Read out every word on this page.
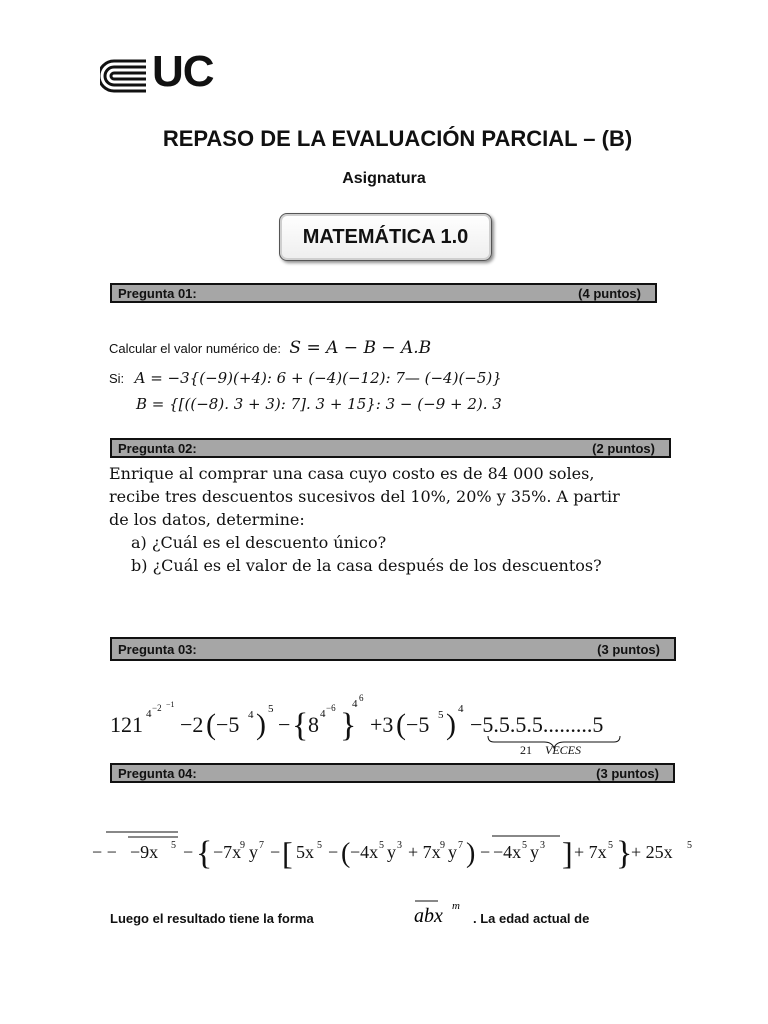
UC
REPASO DE LA EVALUACIÓN PARCIAL – (B)
Asignatura
MATEMÁTICA 1.0
Pregunta 01:	(4 puntos)
Calcular el valor numérico de: S = A − B − A.B
Si: A = −3{(−9)(+4): 6 + (−4)(−12): 7— (−4)(−5)}
B = {[((−8). 3 + 3): 7]. 3 + 15}: 3 − (−9 + 2). 3
Pregunta 02:	(2 puntos)
Enrique al comprar una casa cuyo costo es de 84 000 soles,
recibe tres descuentos sucesivos del 10%, 20% y 35%. A partir
de los datos, determine:
a) ¿Cuál es el descuento único?
b) ¿Cuál es el valor de la casa después de los descuentos?
Pregunta 03:	(3 puntos)
121 4 −2 −1
−2 ( −5 4 ) 5
− { 8 4 −6 }
4 6
+3 ( −5 5 ) 4
−5.5.5.5.........5
21 VECES
Pregunta 04:	(3 puntos)
− − −9x 5 − { −7x
9 y 7 − [ 5x 5 − ( −4x 5 y 3 + 7x 9 y 7 ) − −4x 5 y 3 ] + 7x 5 }
+ 25x 5
Luego el resultado tiene la forma	abx m
. La edad actual de
